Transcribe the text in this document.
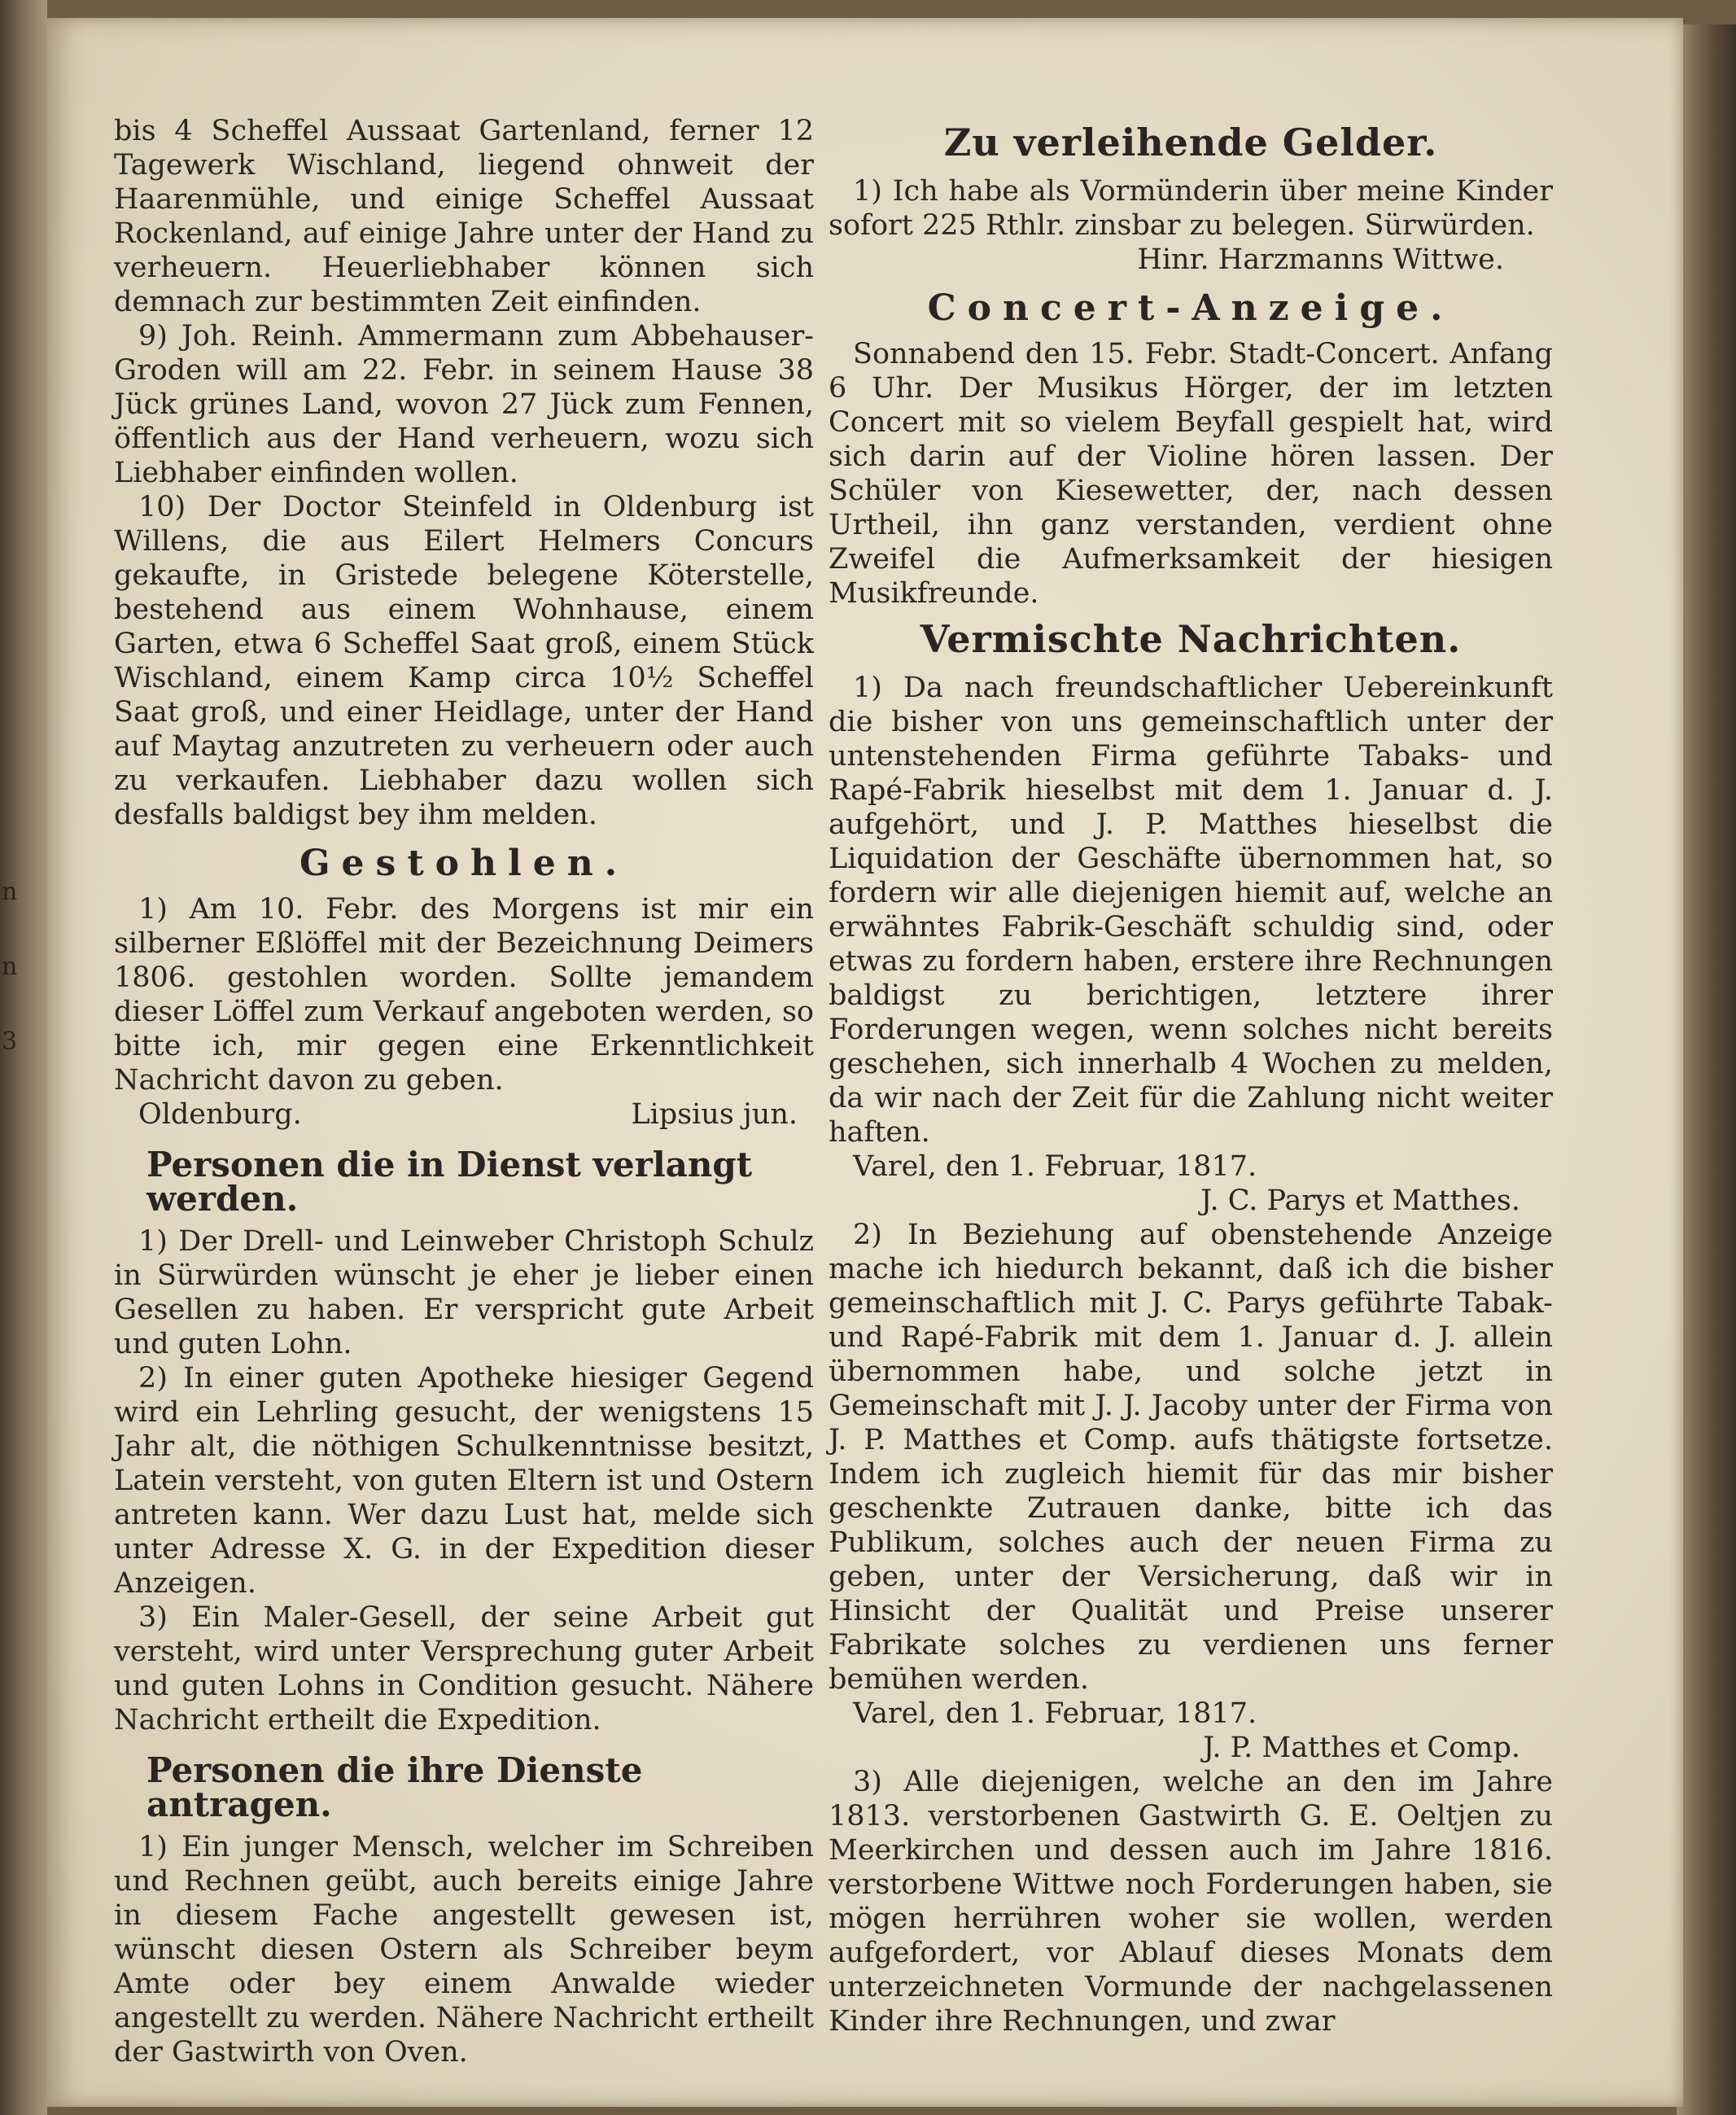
n
n
3

bis 4 Scheffel Aussaat Gartenland, ferner 12 Tagewerk Wischland, liegend ohnweit der Haarenmühle, und einige Scheffel Aussaat Rockenland, auf einige Jahre unter der Hand zu verheuern. Heuerliebhaber können sich demnach zur bestimmten Zeit einfinden.

9) Joh. Reinh. Ammermann zum Abbehauser-Groden will am 22. Febr. in seinem Hause 38 Jück grünes Land, wovon 27 Jück zum Fennen, öffentlich aus der Hand verheuern, wozu sich Liebhaber einfinden wollen.

10) Der Doctor Steinfeld in Oldenburg ist Willens, die aus Eilert Helmers Concurs gekaufte, in Gristede belegene Köterstelle, bestehend aus einem Wohnhause, einem Garten, etwa 6 Scheffel Saat groß, einem Stück Wischland, einem Kamp circa 10½ Scheffel Saat groß, und einer Heidlage, unter der Hand auf Maytag anzutreten zu verheuern oder auch zu verkaufen. Liebhaber dazu wollen sich desfalls baldigst bey ihm melden.

Gestohlen.

1) Am 10. Febr. des Morgens ist mir ein silberner Eßlöffel mit der Bezeichnung Deimers 1806. gestohlen worden. Sollte jemandem dieser Löffel zum Verkauf angeboten werden, so bitte ich, mir gegen eine Erkenntlichkeit Nachricht davon zu geben.

Oldenburg.	Lipsius jun.
Personen die in Dienst verlangt werden.

1) Der Drell- und Leinweber Christoph Schulz in Sürwürden wünscht je eher je lieber einen Gesellen zu haben. Er verspricht gute Arbeit und guten Lohn.

2) In einer guten Apotheke hiesiger Gegend wird ein Lehrling gesucht, der wenigstens 15 Jahr alt, die nöthigen Schulkenntnisse besitzt, Latein versteht, von guten Eltern ist und Ostern antreten kann. Wer dazu Lust hat, melde sich unter Adresse X. G. in der Expedition dieser Anzeigen.

3) Ein Maler-Gesell, der seine Arbeit gut versteht, wird unter Versprechung guter Arbeit und guten Lohns in Condition gesucht. Nähere Nachricht ertheilt die Expedition.

Personen die ihre Dienste antragen.

1) Ein junger Mensch, welcher im Schreiben und Rechnen geübt, auch bereits einige Jahre in diesem Fache angestellt gewesen ist, wünscht diesen Ostern als Schreiber beym Amte oder bey einem Anwalde wieder angestellt zu werden. Nähere Nachricht ertheilt der Gastwirth von Oven.

Zu verleihende Gelder.

1) Ich habe als Vormünderin über meine Kinder sofort 225 Rthlr. zinsbar zu belegen. Sürwürden.

Hinr. Harzmanns Wittwe.
Concert-Anzeige.

Sonnabend den 15. Febr. Stadt-Concert. Anfang 6 Uhr. Der Musikus Hörger, der im letzten Concert mit so vielem Beyfall gespielt hat, wird sich darin auf der Violine hören lassen. Der Schüler von Kiesewetter, der, nach dessen Urtheil, ihn ganz verstanden, verdient ohne Zweifel die Aufmerksamkeit der hiesigen Musikfreunde.

Vermischte Nachrichten.

1) Da nach freundschaftlicher Uebereinkunft die bisher von uns gemeinschaftlich unter der untenstehenden Firma geführte Tabaks- und Rapé-Fabrik hieselbst mit dem 1. Januar d. J. aufgehört, und J. P. Matthes hieselbst die Liquidation der Geschäfte übernommen hat, so fordern wir alle diejenigen hiemit auf, welche an erwähntes Fabrik-Geschäft schuldig sind, oder etwas zu fordern haben, erstere ihre Rechnungen baldigst zu berichtigen, letztere ihrer Forderungen wegen, wenn solches nicht bereits geschehen, sich innerhalb 4 Wochen zu melden, da wir nach der Zeit für die Zahlung nicht weiter haften.

Varel, den 1. Februar, 1817.

J. C. Parys et Matthes.

2) In Beziehung auf obenstehende Anzeige mache ich hiedurch bekannt, daß ich die bisher gemeinschaftlich mit J. C. Parys geführte Tabak- und Rapé-Fabrik mit dem 1. Januar d. J. allein übernommen habe, und solche jetzt in Gemeinschaft mit J. J. Jacoby unter der Firma von J. P. Matthes et Comp. aufs thätigste fortsetze. Indem ich zugleich hiemit für das mir bisher geschenkte Zutrauen danke, bitte ich das Publikum, solches auch der neuen Firma zu geben, unter der Versicherung, daß wir in Hinsicht der Qualität und Preise unserer Fabrikate solches zu verdienen uns ferner bemühen werden.

Varel, den 1. Februar, 1817.

J. P. Matthes et Comp.

3) Alle diejenigen, welche an den im Jahre 1813. verstorbenen Gastwirth G. E. Oeltjen zu Meerkirchen und dessen auch im Jahre 1816. verstorbene Wittwe noch Forderungen haben, sie mögen herrühren woher sie wollen, werden aufgefordert, vor Ablauf dieses Monats dem unterzeichneten Vormunde der nachgelassenen Kinder ihre Rechnungen, und zwar
